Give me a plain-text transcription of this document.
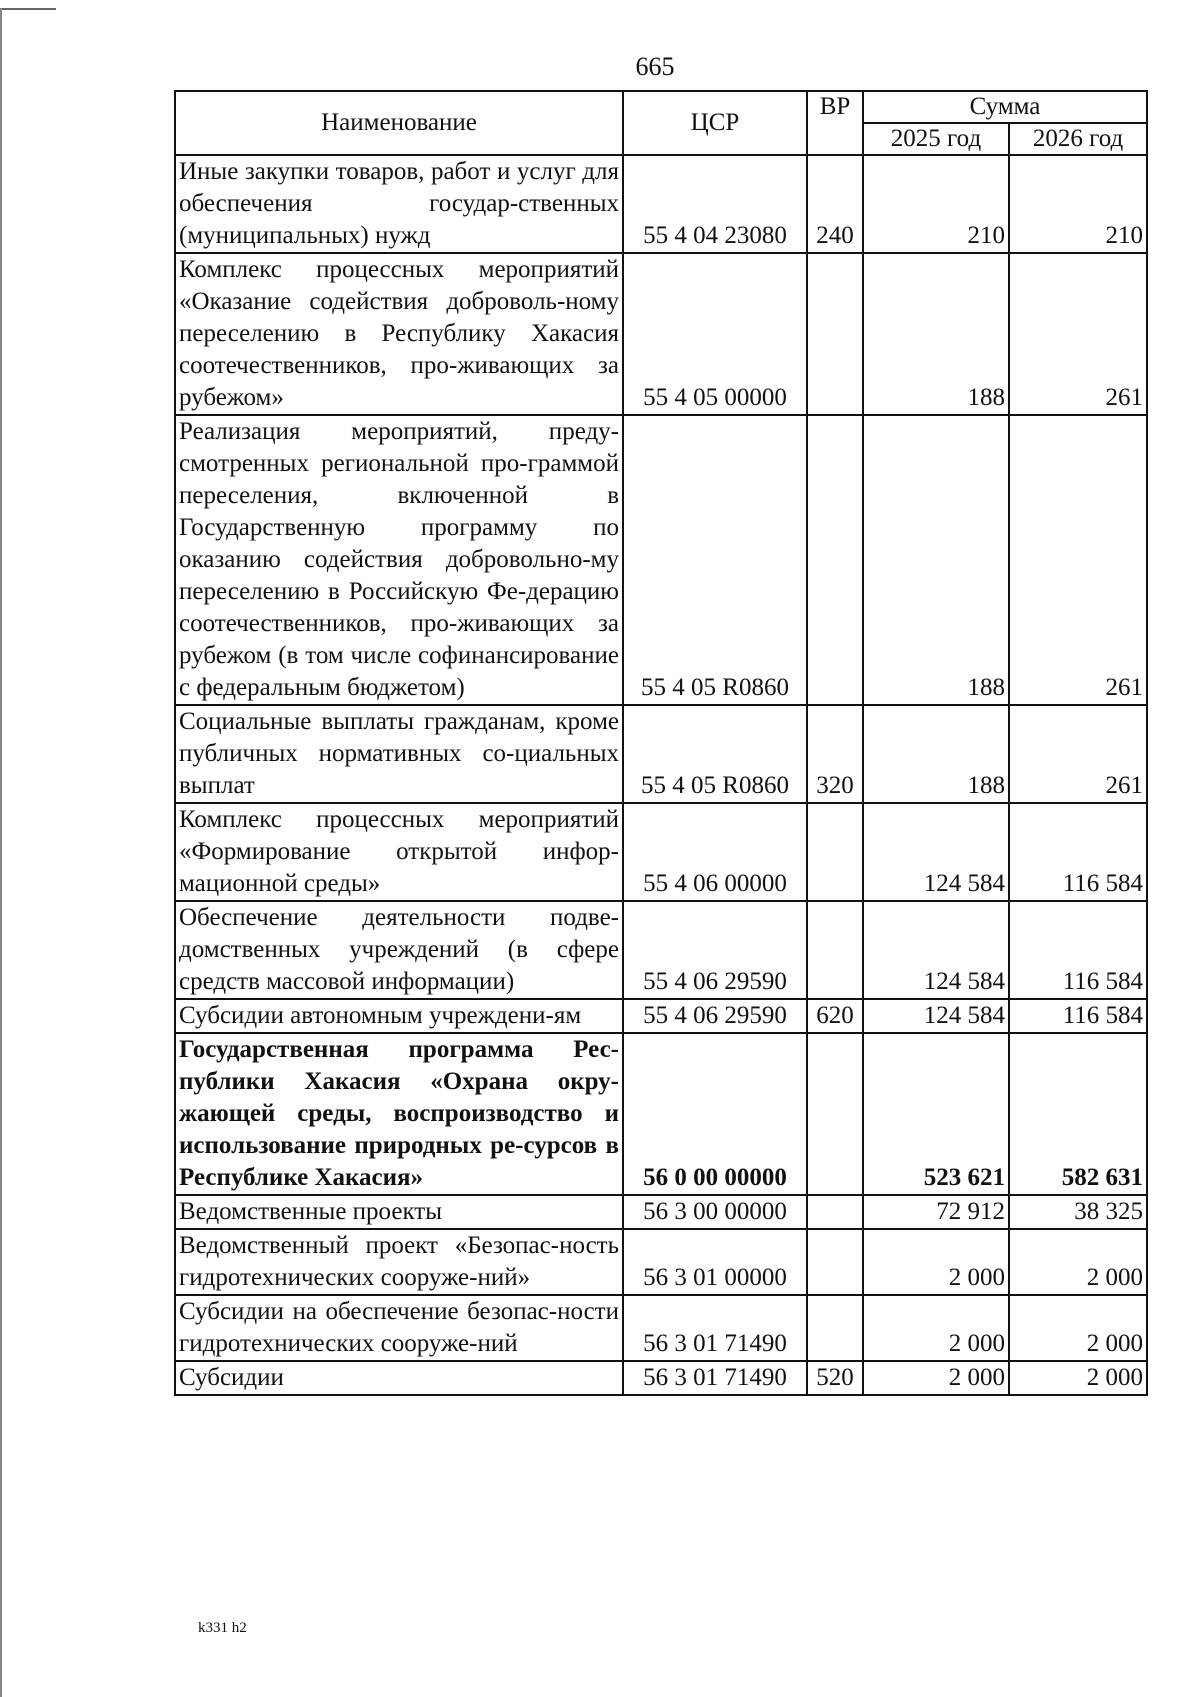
665
Наименование	ЦСР	ВР	Сумма	
			2025 год	2026 год
Иные закупки товаров, работ и услуг для обеспечения государ-ственных (муниципальных) нужд	55 4 04 23080	240	210	210
Комплекс процессных мероприятий «Оказание содействия доброволь-ному переселению в Республику Хакасия соотечественников, про-живающих за рубежом»	55 4 05 00000		188	261
Реализация мероприятий, преду-смотренных региональной про-граммой переселения, включенной в Государственную программу по оказанию содействия добровольно-му переселению в Российскую Фе-дерацию соотечественников, про-живающих за рубежом (в том числе софинансирование с федеральным бюджетом)	55 4 05 R0860		188	261
Социальные выплаты гражданам, кроме публичных нормативных со-циальных выплат	55 4 05 R0860	320	188	261
Комплекс процессных мероприятий «Формирование открытой инфор-мационной среды»	55 4 06 00000		124 584	116 584
Обеспечение деятельности подве-домственных учреждений (в сфере средств массовой информации)	55 4 06 29590		124 584	116 584
Субсидии автономным учреждени-ям	55 4 06 29590	620	124 584	116 584
Государственная программа Рес-публики Хакасия «Охрана окру-жающей среды, воспроизводство и использование природных ре-сурсов в Республике Хакасия»	56 0 00 00000		523 621	582 631
Ведомственные проекты	56 3 00 00000		72 912	38 325
Ведомственный проект «Безопас-ность гидротехнических сооруже-ний»	56 3 01 00000		2 000	2 000
Субсидии на обеспечение безопас-ности гидротехнических сооруже-ний	56 3 01 71490		2 000	2 000
Субсидии	56 3 01 71490	520	2 000	2 000
k331 h2
